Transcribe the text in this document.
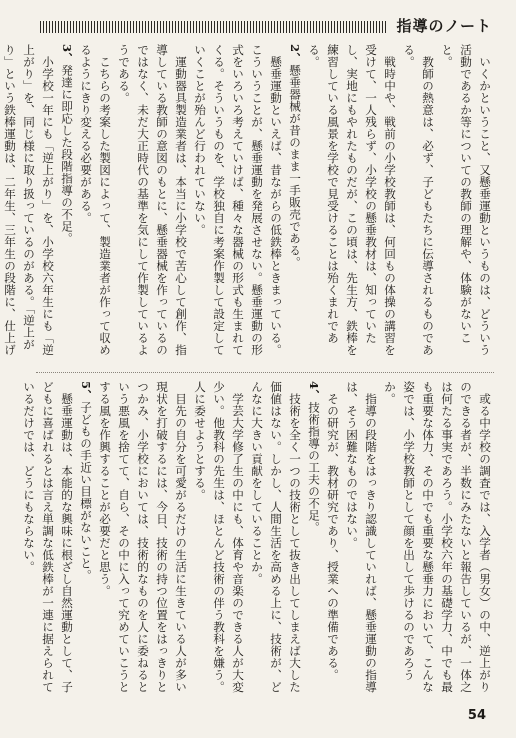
指導のノート

いくかということ、又懸垂運動というものは、どういう活動であるか等についての教師の理解や、体験がないこと。

教師の熱意は、必ず、子どもたちに伝導されるものである。

戦時中や、戦前の小学校教師は、何回もの体操の講習を受けて、一人残らず、小学校の懸垂教材は、知っていたし、実地にもやれたものだが、この頃は、先生方、鉄棒を練習している風景を学校で見受けることは殆くまれである。

2、懸垂器械が昔のまま一手販売である。

懸垂運動といえば、昔ながらの低鉄棒ときまっている。こういうことが、懸垂運動を発展させない。懸垂運動の形式をいろいろ考えていけば、種々な器械の形式も生まれてくる。そういうものを、学校独自に考案作製して設定していくことが殆んど行われていない。

運動器具製造業者は、本当に小学校で苦心して創作、指導している教師の意図のもとに、懸垂器械を作っているのではなく、未だ大正時代の基準を気にして作製しているようである。

こちらの考案した製図によって、製造業者が作って収めるようにきり変える必要がある。

3、発達に即応した段階指導の不足。

小学校一年にも「逆上がり」を、小学校六年生にも「逆上がり」を、同じ様に取り扱っているのがある。「逆上がり」という鉄棒運動は、二年生、三年生の段階に、仕上げ

或る中学校の調査では、入学者（男女）の中、逆上がりのできる者が、半数にみたないと報告しているが、一体之は何たる事実であろう。小学校六年の基礎学力、中でも最も重要な体力、その中でも重要な懸垂力において、こんな姿では、小学校教師として顔を出して歩けるのであろうか。

指導の段階をはっきり認識していれば、懸垂運動の指導は、そう困難なものではない。

その研究が、教材研究であり、授業への準備である。

4、技術指導の工夫の不足。

技術を全く一つの技術として抜き出してしまえば大した価値はない。しかし、人間生活を高める上に、技術が、どんなに大きい貢献をしていることか。

学芸大学修了生の中にも、体育や音楽のできる人が大変少い。他教科の先生は、ほとんど技術の伴う教科を嫌う。人に委せようとする。

目先の自分を可愛がるだけの生活に生きている人が多い現状を打破するには、今日、技術の持つ位置をはっきりとつかみ、小学校においては、技術的なものを人に委ねるという悪風を捨てて、自ら、その中に入って究めていこうとする風を作興することが必要だと思う。

5、子どもの手近い目標がないこと。

懸垂運動は、本能的な興味に根ざし自然運動として、子どもに喜ばれるとは言え単調な低鉄棒が一連に据えられているだけでは、どうにもならない。

54
